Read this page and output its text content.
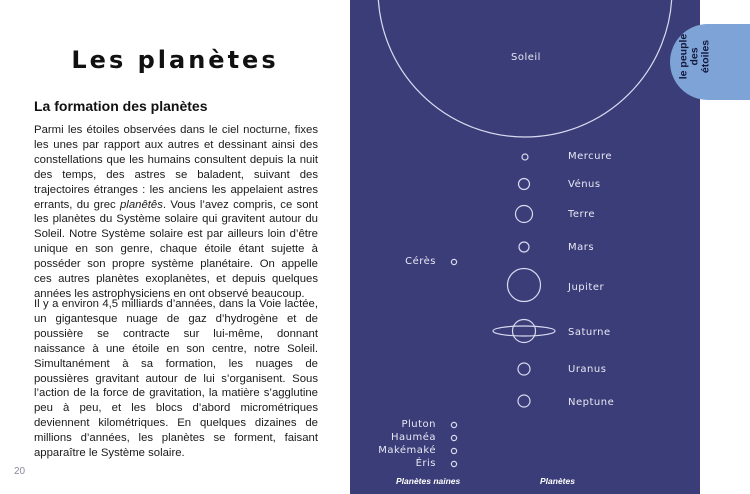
Les planètes
La formation des planètes

Parmi les étoiles observées dans le ciel nocturne, fixes les unes par rapport aux autres et dessinant ainsi des constellations que les humains consultent depuis la nuit des temps, des astres se baladent, suivant des trajectoires étranges : les anciens les appelaient astres errants, du grec planêtês. Vous l’avez compris, ce sont les planètes du Système solaire qui gravitent autour du Soleil. Notre Système solaire est par ailleurs loin d’être unique en son genre, chaque étoile étant sujette à posséder son propre système planétaire. On appelle ces autres planètes exoplanètes, et depuis quelques années les astrophysiciens en ont observé beaucoup.

Il y a environ 4,5 milliards d’années, dans la Voie lactée, un gigantesque nuage de gaz d’hydrogène et de poussière se contracte sur lui-même, donnant naissance à une étoile en son centre, notre Soleil. Simultanément à sa formation, les nuages de poussières gravitant autour de lui s’organisent. Sous l’action de la force de gravitation, la matière s’agglutine peu à peu, et les blocs d’abord micrométriques deviennent kilométriques. En quelques dizaines de millions d’années, les planètes se forment, faisant apparaître le Système solaire.

20
Soleil
Mercure
Vénus
Terre
Mars
Jupiter
Saturne
Uranus
Neptune
Cérès
Pluton
Hauméa
Makémaké
Éris
Planètes naines	Planètes
le peuple
des étoiles
